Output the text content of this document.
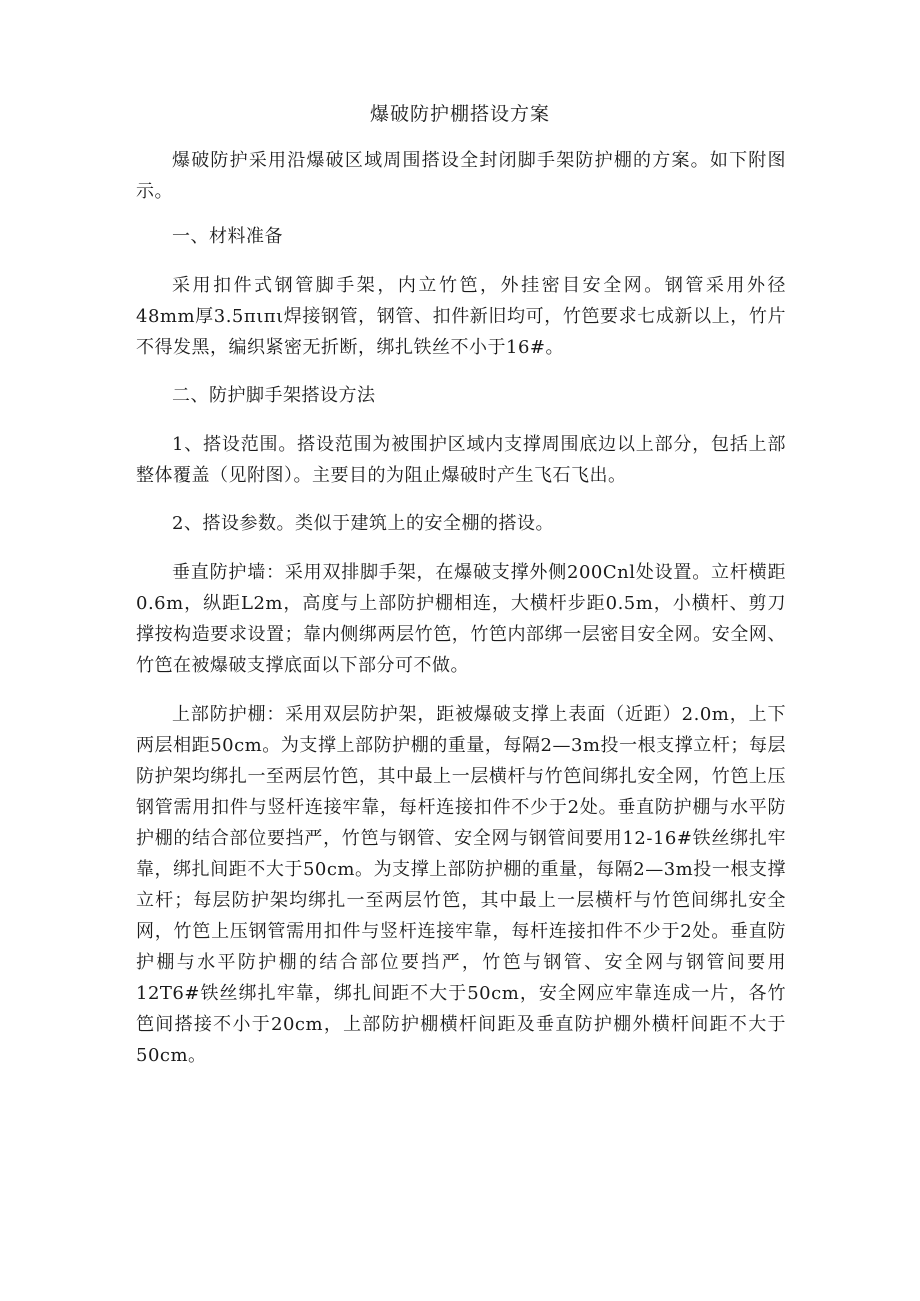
爆破防护棚搭设方案

爆破防护采用沿爆破区域周围搭设全封闭脚手架防护棚的方案。如下附图示。

一、材料准备

采用扣件式钢管脚手架，内立竹笆，外挂密目安全网。钢管采用外径48mm厚3.5πιπι焊接钢管，钢管、扣件新旧均可，竹笆要求七成新以上，竹片不得发黑，编织紧密无折断，绑扎铁丝不小于16#。

二、防护脚手架搭设方法

1、搭设范围。搭设范围为被围护区域内支撑周围底边以上部分，包括上部整体覆盖（见附图）。主要目的为阻止爆破时产生飞石飞出。

2、搭设参数。类似于建筑上的安全棚的搭设。

垂直防护墙：采用双排脚手架，在爆破支撑外侧200Cnl处设置。立杆横距0.6m，纵距L2m，高度与上部防护棚相连，大横杆步距0.5m，小横杆、剪刀撑按构造要求设置；靠内侧绑两层竹笆，竹笆内部绑一层密目安全网。安全网、竹笆在被爆破支撑底面以下部分可不做。

上部防护棚：采用双层防护架，距被爆破支撑上表面（近距）2.0m，上下两层相距50cm。为支撑上部防护棚的重量，每隔2—3m投一根支撑立杆；每层防护架均绑扎一至两层竹笆，其中最上一层横杆与竹笆间绑扎安全网，竹笆上压钢管需用扣件与竖杆连接牢靠，每杆连接扣件不少于2处。垂直防护棚与水平防护棚的结合部位要挡严，竹笆与钢管、安全网与钢管间要用12-16#铁丝绑扎牢靠，绑扎间距不大于50cm。为支撑上部防护棚的重量，每隔2—3m投一根支撑立杆；每层防护架均绑扎一至两层竹笆，其中最上一层横杆与竹笆间绑扎安全网，竹笆上压钢管需用扣件与竖杆连接牢靠，每杆连接扣件不少于2处。垂直防护棚与水平防护棚的结合部位要挡严，竹笆与钢管、安全网与钢管间要用12T6#铁丝绑扎牢靠，绑扎间距不大于50cm，安全网应牢靠连成一片，各竹笆间搭接不小于20cm，上部防护棚横杆间距及垂直防护棚外横杆间距不大于50cm。
